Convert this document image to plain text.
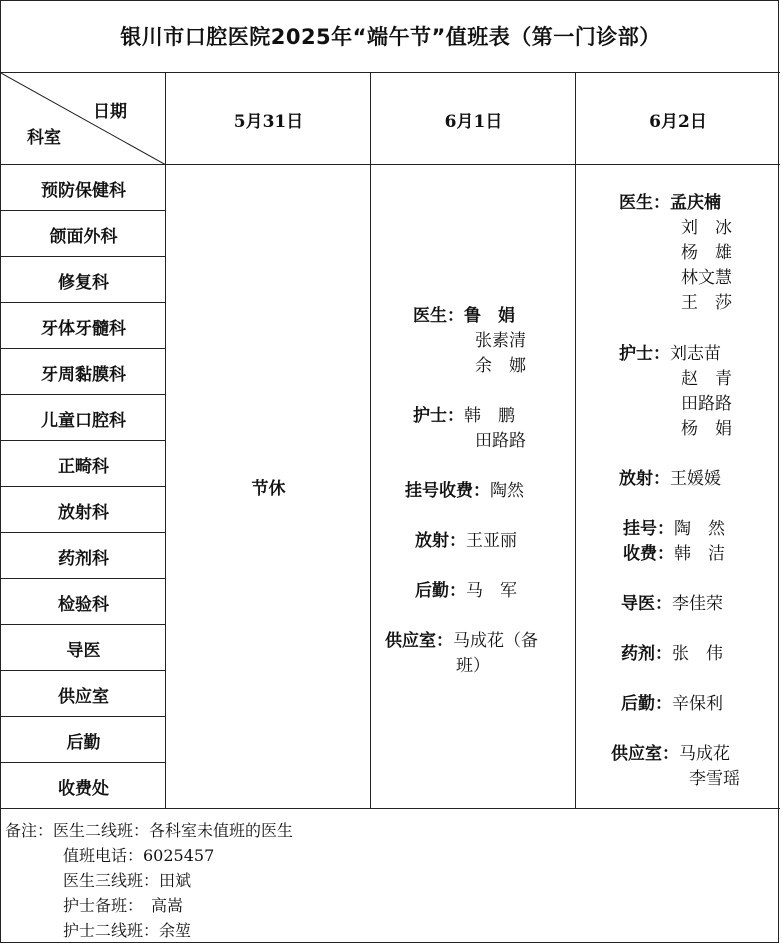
银川市口腔医院2025年“端午节”值班表（第一门诊部）
日期
科室
5月31日	6月1日	6月2日
预防保健科
颌面外科
修复科
牙体牙髓科
牙周黏膜科
儿童口腔科
正畸科
放射科
药剂科
检验科
导医
供应室
后勤
收费处
节休
医生：鲁　娟
张素清
余　娜
护士：韩　鹏
田路路
挂号收费：陶然
放射：王亚丽
后勤：马　军
供应室：马成花（备
班）
医生：孟庆楠
刘　冰
杨　雄
林文慧
王　莎
护士：刘志苗
赵　青
田路路
杨　娟
放射：王媛媛
挂号：陶　然
收费：韩　洁
导医：李佳荣
药剂：张　伟
后勤：辛保利
供应室：马成花
李雪瑶
备注：医生二线班：各科室未值班的医生
值班电话：6025457
医生三线班：田斌
护士备班：　高嵩
护士二线班：余堃
